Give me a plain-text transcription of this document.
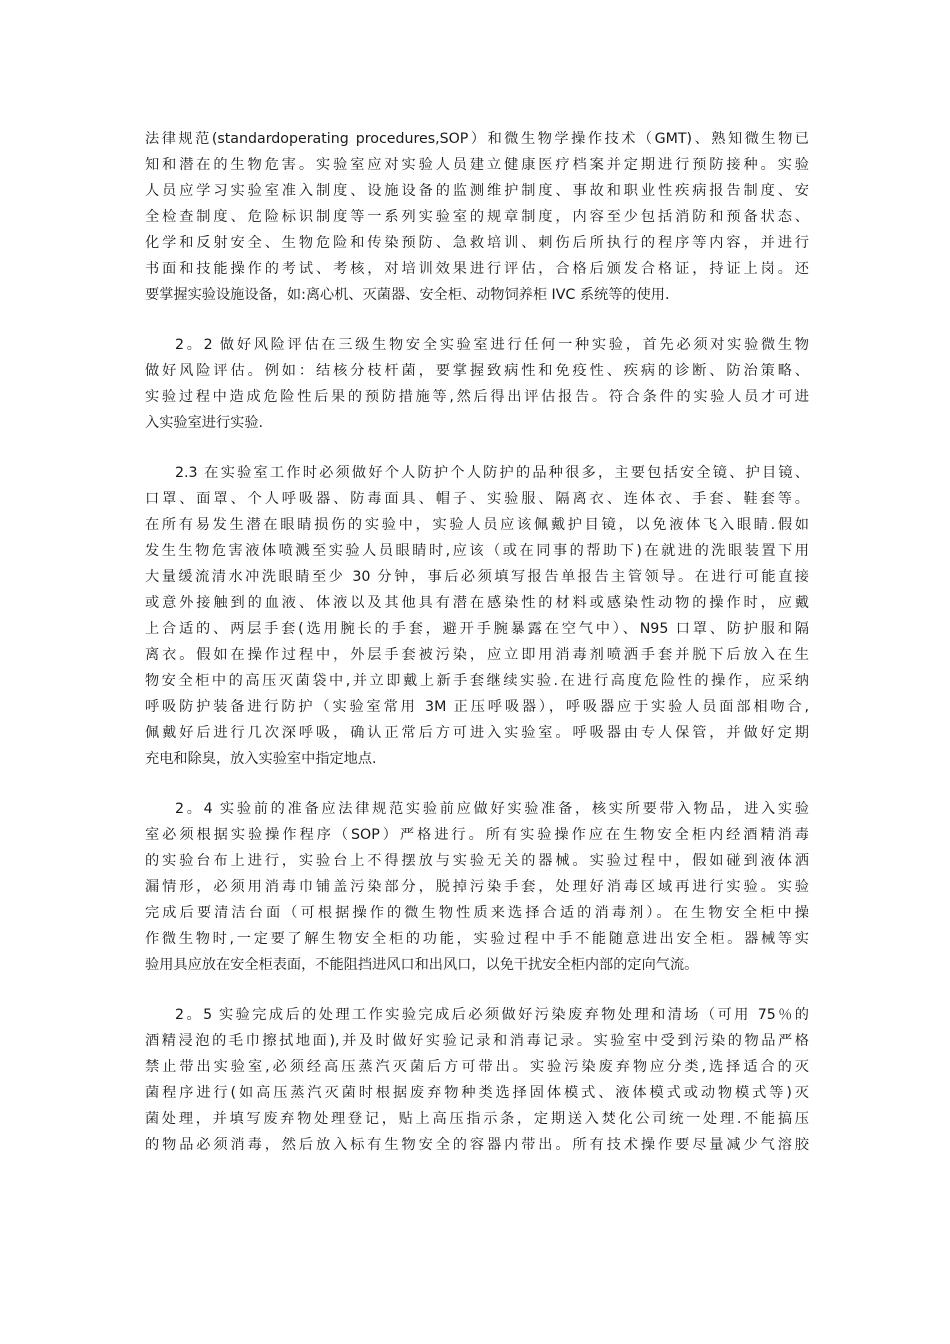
法律规范(standardoperating procedures,SOP）和微生物学操作技术（GMT)、熟知微生物已
知和潜在的生物危害。实验室应对实验人员建立健康医疗档案并定期进行预防接种。实验
人员应学习实验室准入制度、设施设备的监测维护制度、事故和职业性疾病报告制度、安
全检查制度、危险标识制度等一系列实验室的规章制度，内容至少包括消防和预备状态、
化学和反射安全、生物危险和传染预防、急救培训、刺伤后所执行的程序等内容，并进行
书面和技能操作的考试、考核，对培训效果进行评估，合格后颁发合格证，持证上岗。还
要掌握实验设施设备，如:离心机、灭菌器、安全柜、动物饲养柜 IVC 系统等的使用.
2。2 做好风险评估在三级生物安全实验室进行任何一种实验，首先必须对实验微生物
做好风险评估。例如：结核分枝杆菌，要掌握致病性和免疫性、疾病的诊断、防治策略、
实验过程中造成危险性后果的预防措施等,然后得出评估报告。符合条件的实验人员才可进
入实验室进行实验.
2.3 在实验室工作时必须做好个人防护个人防护的品种很多，主要包括安全镜、护目镜、
口罩、面罩、个人呼吸器、防毒面具、帽子、实验服、隔离衣、连体衣、手套、鞋套等。
在所有易发生潜在眼睛损伤的实验中，实验人员应该佩戴护目镜，以免液体飞入眼睛.假如
发生生物危害液体喷溅至实验人员眼睛时,应该（或在同事的帮助下)在就进的洗眼装置下用
大量缓流清水冲洗眼睛至少 30 分钟，事后必须填写报告单报告主管领导。在进行可能直接
或意外接触到的血液、体液以及其他具有潜在感染性的材料或感染性动物的操作时，应戴
上合适的、两层手套(选用腕长的手套，避开手腕暴露在空气中）、N95 口罩、防护服和隔
离衣。假如在操作过程中，外层手套被污染，应立即用消毒剂喷洒手套并脱下后放入在生
物安全柜中的高压灭菌袋中,并立即戴上新手套继续实验.在进行高度危险性的操作，应采纳
呼吸防护装备进行防护（实验室常用 3M 正压呼吸器），呼吸器应于实验人员面部相吻合,
佩戴好后进行几次深呼吸，确认正常后方可进入实验室。呼吸器由专人保管，并做好定期
充电和除臭，放入实验室中指定地点.
2。4 实验前的准备应法律规范实验前应做好实验准备，核实所要带入物品，进入实验
室必须根据实验操作程序（SOP）严格进行。所有实验操作应在生物安全柜内经酒精消毒
的实验台布上进行，实验台上不得摆放与实验无关的器械。实验过程中，假如碰到液体洒
漏情形，必须用消毒巾铺盖污染部分，脱掉污染手套，处理好消毒区域再进行实验。实验
完成后要清洁台面（可根据操作的微生物性质来选择合适的消毒剂）。在生物安全柜中操
作微生物时,一定要了解生物安全柜的功能，实验过程中手不能随意进出安全柜。器械等实
验用具应放在安全柜表面，不能阻挡进风口和出风口，以免干扰安全柜内部的定向气流。
2。5 实验完成后的处理工作实验完成后必须做好污染废弃物处理和清场（可用 75％的
酒精浸泡的毛巾擦拭地面),并及时做好实验记录和消毒记录。实验室中受到污染的物品严格
禁止带出实验室,必须经高压蒸汽灭菌后方可带出。实验污染废弃物应分类,选择适合的灭
菌程序进行(如高压蒸汽灭菌时根据废弃物种类选择固体模式、液体模式或动物模式等)灭
菌处理，并填写废弃物处理登记，贴上高压指示条，定期送入焚化公司统一处理.不能搞压
的物品必须消毒，然后放入标有生物安全的容器内带出。所有技术操作要尽量减少气溶胶
